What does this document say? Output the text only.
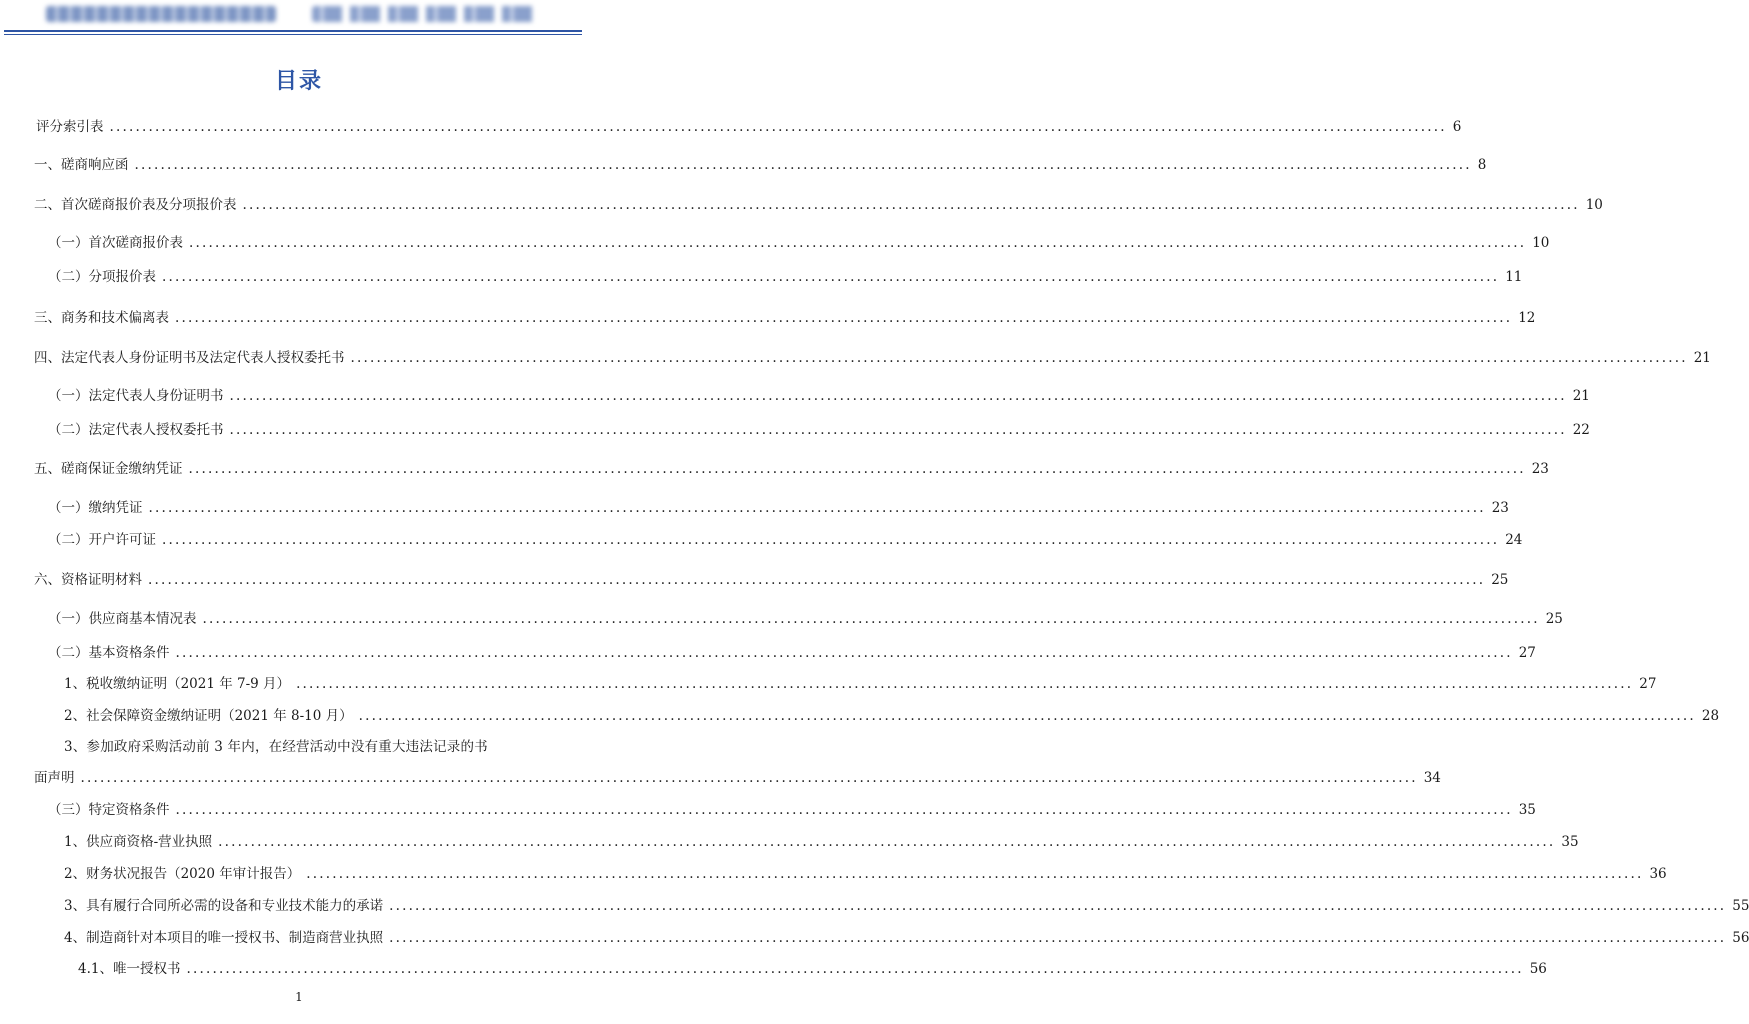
目录
评分索引表 .............................................................................................................................................................................................................. 6
一、磋商响应函 .............................................................................................................................................................................................................. 8
二、首次磋商报价表及分项报价表 .............................................................................................................................................................................................................. 10
（一）首次磋商报价表 .............................................................................................................................................................................................................. 10
（二）分项报价表 .............................................................................................................................................................................................................. 11
三、商务和技术偏离表 .............................................................................................................................................................................................................. 12
四、法定代表人身份证明书及法定代表人授权委托书 .............................................................................................................................................................................................................. 21
（一）法定代表人身份证明书 .............................................................................................................................................................................................................. 21
（二）法定代表人授权委托书 .............................................................................................................................................................................................................. 22
五、磋商保证金缴纳凭证 .............................................................................................................................................................................................................. 23
（一）缴纳凭证 .............................................................................................................................................................................................................. 23
（二）开户许可证 .............................................................................................................................................................................................................. 24
六、资格证明材料 .............................................................................................................................................................................................................. 25
（一）供应商基本情况表 .............................................................................................................................................................................................................. 25
（二）基本资格条件 .............................................................................................................................................................................................................. 27
1、税收缴纳证明（2021 年 7-9 月） .............................................................................................................................................................................................................. 27
2、社会保障资金缴纳证明（2021 年 8-10 月） .............................................................................................................................................................................................................. 28
3、参加政府采购活动前 3 年内，在经营活动中没有重大违法记录的书
面声明 .............................................................................................................................................................................................................. 34
（三）特定资格条件 .............................................................................................................................................................................................................. 35
1、供应商资格-营业执照 .............................................................................................................................................................................................................. 35
2、财务状况报告（2020 年审计报告） .............................................................................................................................................................................................................. 36
3、具有履行合同所必需的设备和专业技术能力的承诺 .............................................................................................................................................................................................................. 55
4、制造商针对本项目的唯一授权书、制造商营业执照 .............................................................................................................................................................................................................. 56
4.1、唯一授权书 .............................................................................................................................................................................................................. 56
1
